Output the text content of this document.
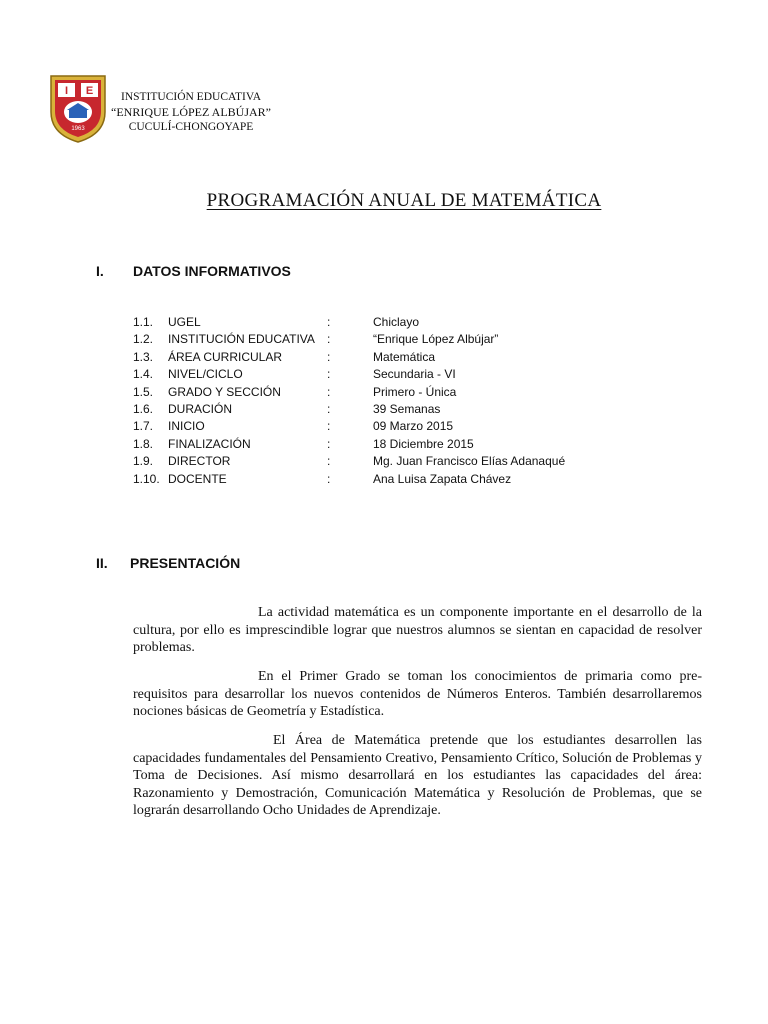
I E
1963
INSTITUCIÓN EDUCATIVA
“ENRIQUE LÓPEZ ALBÚJAR”
CUCULÍ-CHONGOYAPE
PROGRAMACIÓN ANUAL DE MATEMÁTICA
I. DATOS INFORMATIVOS
1.1. UGEL	:	Chiclayo
1.2. INSTITUCIÓN EDUCATIVA :	“Enrique López Albújar”
1.3. ÁREA CURRICULAR	:	Matemática
1.4. NIVEL/CICLO	:	Secundaria - VI
1.5. GRADO Y SECCIÓN	:	Primero - Única
1.6. DURACIÓN	:	39 Semanas
1.7. INICIO	:	09 Marzo 2015
1.8. FINALIZACIÓN	:	18 Diciembre 2015
1.9. DIRECTOR	:	Mg. Juan Francisco Elías Adanaqué
1.10. DOCENTE	:	Ana Luisa Zapata Chávez
II. PRESENTACIÓN

La actividad matemática es un componente importante en el desarrollo de la cultura, por ello es imprescindible lograr que nuestros alumnos se sientan en capacidad de resolver problemas.

En el Primer Grado se toman los conocimientos de primaria como pre-requisitos para desarrollar los nuevos contenidos de Números Enteros. También desarrollaremos nociones básicas de Geometría y Estadística.

El Área de Matemática pretende que los estudiantes desarrollen las capacidades fundamentales del Pensamiento Creativo, Pensamiento Crítico, Solución de Problemas y Toma de Decisiones. Así mismo desarrollará en los estudiantes las capacidades del área: Razonamiento y Demostración, Comunicación Matemática y Resolución de Problemas, que se lograrán desarrollando Ocho Unidades de Aprendizaje.
